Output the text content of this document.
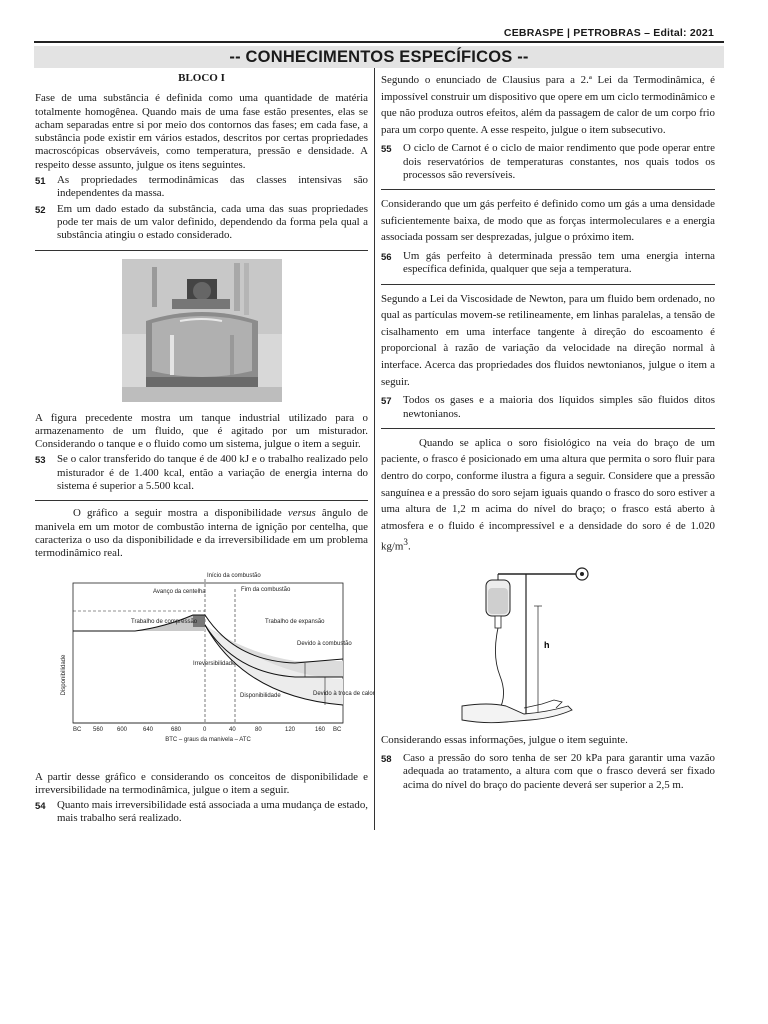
CEBRASPE | PETROBRAS – Edital: 2021
-- CONHECIMENTOS ESPECÍFICOS --
BLOCO I

Fase de uma substância é definida como uma quantidade de matéria totalmente homogênea. Quando mais de uma fase estão presentes, elas se acham separadas entre si por meio dos contornos das fases; em cada fase, a substância pode existir em vários estados, descritos por certas propriedades macroscópicas observáveis, como temperatura, pressão e densidade. A respeito desse assunto, julgue os itens seguintes.

51	As propriedades termodinâmicas das classes intensivas são independentes da massa.
52	Em um dado estado da substância, cada uma das suas propriedades pode ter mais de um valor definido, dependendo da forma pela qual a substância atingiu o estado considerado.

A figura precedente mostra um tanque industrial utilizado para o armazenamento de um fluido, que é agitado por um misturador. Considerando o tanque e o fluido como um sistema, julgue o item a seguir.

53	Se o calor transferido do tanque é de 400 kJ e o trabalho realizado pelo misturador é de 1.400 kcal, então a variação de energia interna do sistema é superior a 5.500 kcal.

O gráfico a seguir mostra a disponibilidade versus ângulo de manivela em um motor de combustão interna de ignição por centelha, que caracteriza o uso da disponibilidade e da irreversibilidade em um problema termodinâmico real.

Disponibilidade
Início da combustão
Fim da combustão
Avanço da centelha
Trabalho de compressão	Trabalho de expansão
Devido à combustão
Irreversibilidade
Disponibilidade	Devido à troca de calor
BC 560 600	640	680	0	40	80	120	160 BC
BTC – graus da manivela – ATC

A partir desse gráfico e considerando os conceitos de disponibilidade e irreversibilidade na termodinâmica, julgue o item a seguir.

54	Quanto mais irreversibilidade está associada a uma mudança de estado, mais trabalho será realizado.

Segundo o enunciado de Clausius para a 2.ª Lei da Termodinâmica, é impossível construir um dispositivo que opere em um ciclo termodinâmico e que não produza outros efeitos, além da passagem de calor de um corpo frio para um corpo quente. A esse respeito, julgue o item subsecutivo.

55	O ciclo de Carnot é o ciclo de maior rendimento que pode operar entre dois reservatórios de temperaturas constantes, nos quais todos os processos são reversíveis.

Considerando que um gás perfeito é definido como um gás a uma densidade suficientemente baixa, de modo que as forças intermoleculares e a energia associada possam ser desprezadas, julgue o próximo item.

56	Um gás perfeito à determinada pressão tem uma energia interna específica definida, qualquer que seja a temperatura.

Segundo a Lei da Viscosidade de Newton, para um fluido bem ordenado, no qual as partículas movem-se retilineamente, em linhas paralelas, a tensão de cisalhamento em uma interface tangente à direção do escoamento é proporcional à razão de variação da velocidade na direção normal à interface. Acerca das propriedades dos fluidos newtonianos, julgue o item a seguir.

57	Todos os gases e a maioria dos líquidos simples são fluidos ditos newtonianos.

Quando se aplica o soro fisiológico na veia do braço de um paciente, o frasco é posicionado em uma altura que permita o soro fluir para dentro do corpo, conforme ilustra a figura a seguir. Considere que a pressão sanguínea e a pressão do soro sejam iguais quando o frasco do soro estiver a uma altura de 1,2 m acima do nível do braço; o frasco está aberto à atmosfera e o fluido é incompressível e a densidade do soro é de 1.020 $kg/m^3$.

h

Considerando essas informações, julgue o item seguinte.

58	Caso a pressão do soro tenha de ser 20 kPa para garantir uma vazão adequada ao tratamento, a altura com que o frasco deverá ser fixado acima do nível do braço do paciente deverá ser superior a 2,5 m.
